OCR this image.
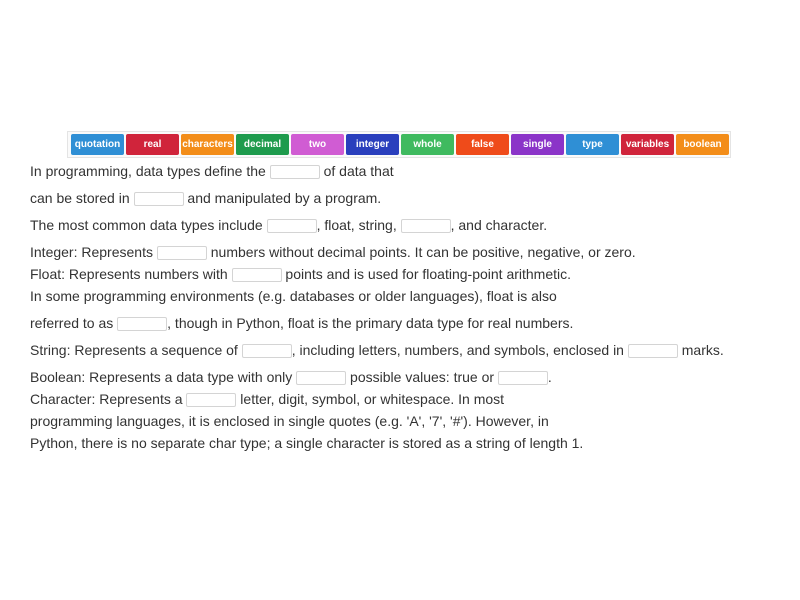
quotation	real	characters	decimal	two	integer	whole	false	single	type	variables	boolean
In programming, data types define the	of data that
can be stored in	and manipulated by a program.
The most common data types include	, float, string,	, and character.
Integer: Represents	numbers without decimal points. It can be positive, negative, or zero.
Float: Represents numbers with	points and is used for floating-point arithmetic.
In some programming environments (e.g. databases or older languages), float is also
referred to as	, though in Python, float is the primary data type for real numbers.
String: Represents a sequence of	, including letters, numbers, and symbols, enclosed in	marks.
Boolean: Represents a data type with only	possible values: true or	.
Character: Represents a	letter, digit, symbol, or whitespace. In most
programming languages, it is enclosed in single quotes (e.g. 'A', '7', '#'). However, in
Python, there is no separate char type; a single character is stored as a string of length 1.
